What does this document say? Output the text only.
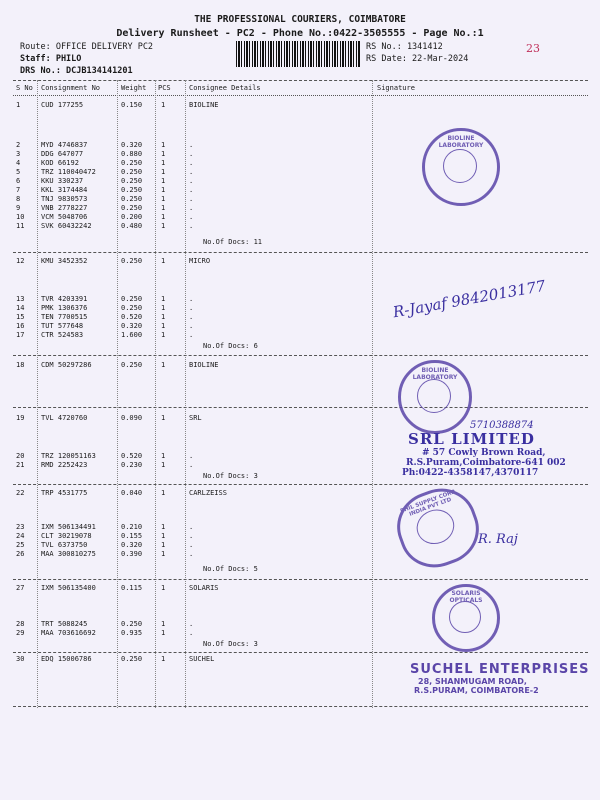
THE PROFESSIONAL COURIERS, COIMBATORE
Delivery Runsheet - PC2 - Phone No.:0422-3505555 - Page No.:1
Route: OFFICE DELIVERY PC2
Staff: PHILO
DRS No.: DCJB134141201
RS No.: 1341412
RS Date: 22-Mar-2024
23
S No Consignment No	Weight PCS	Consignee Details	Signature
1	CUD 177255	0.150	1	BIOLINE
2	MYD 4746837	0.320	1	.
3	DDG 647077	0.880	1	.
4	KOD 66192	0.250	1	.
5	TRZ 110040472	0.250	1	.
6	KKU 330237	0.250	1	.
7	KKL 3174484	0.250	1	.
8	TNJ 9830573	0.250	1	.
9	VNB 2778227	0.250	1	.
10 VCM 5048706	0.200	1	.
11 SVK 60432242	0.480	1	.
12 KMU 3452352	0.250	1	MICRO
13 TVR 4203391	0.250	1	.
14 PMK 1306376	0.250	1	.
15 TEN 7700515	0.520	1	.
16 TUT 577648	0.320	1	.
17 CTR 524583	1.600	1	.
18 CDM 50297286	0.250	1	BIOLINE
19 TVL 4720760	0.090	1	SRL
20 TRZ 120051163	0.520	1	.
21 RMD 2252423	0.230	1	.
22 TRP 4531775	0.040	1	CARLZEISS
23 IXM 506134491	0.210	1	.
24 CLT 30219078	0.155	1	.
25 TVL 6373750	0.320	1	.
26 MAA 300810275	0.390	1	.
27 IXM 506135400	0.115	1	SOLARIS
28 TRT 5088245	0.250	1	.
29 MAA 703616692	0.935	1	.
30 EDQ 15006786	0.250	1	SUCHEL
No.Of Docs: 11
No.Of Docs: 6
No.Of Docs: 3
No.Of Docs: 5
No.Of Docs: 3
BIOLINE LABORATORY
R-Jayaf 9842013177
BIOLINE LABORATORY
5710388874
SRL LIMITED
# 57 Cowly Brown Road,
R.S.Puram,Coimbatore-641 002
Ph:0422-4358147,4370117
PHIL SUPPLY CORP. INDIA PVT LTD
R. Raj
SOLARIS OPTICALS
SUCHEL ENTERPRISES
28, SHANMUGAM ROAD,
R.S.PURAM, COIMBATORE-2
